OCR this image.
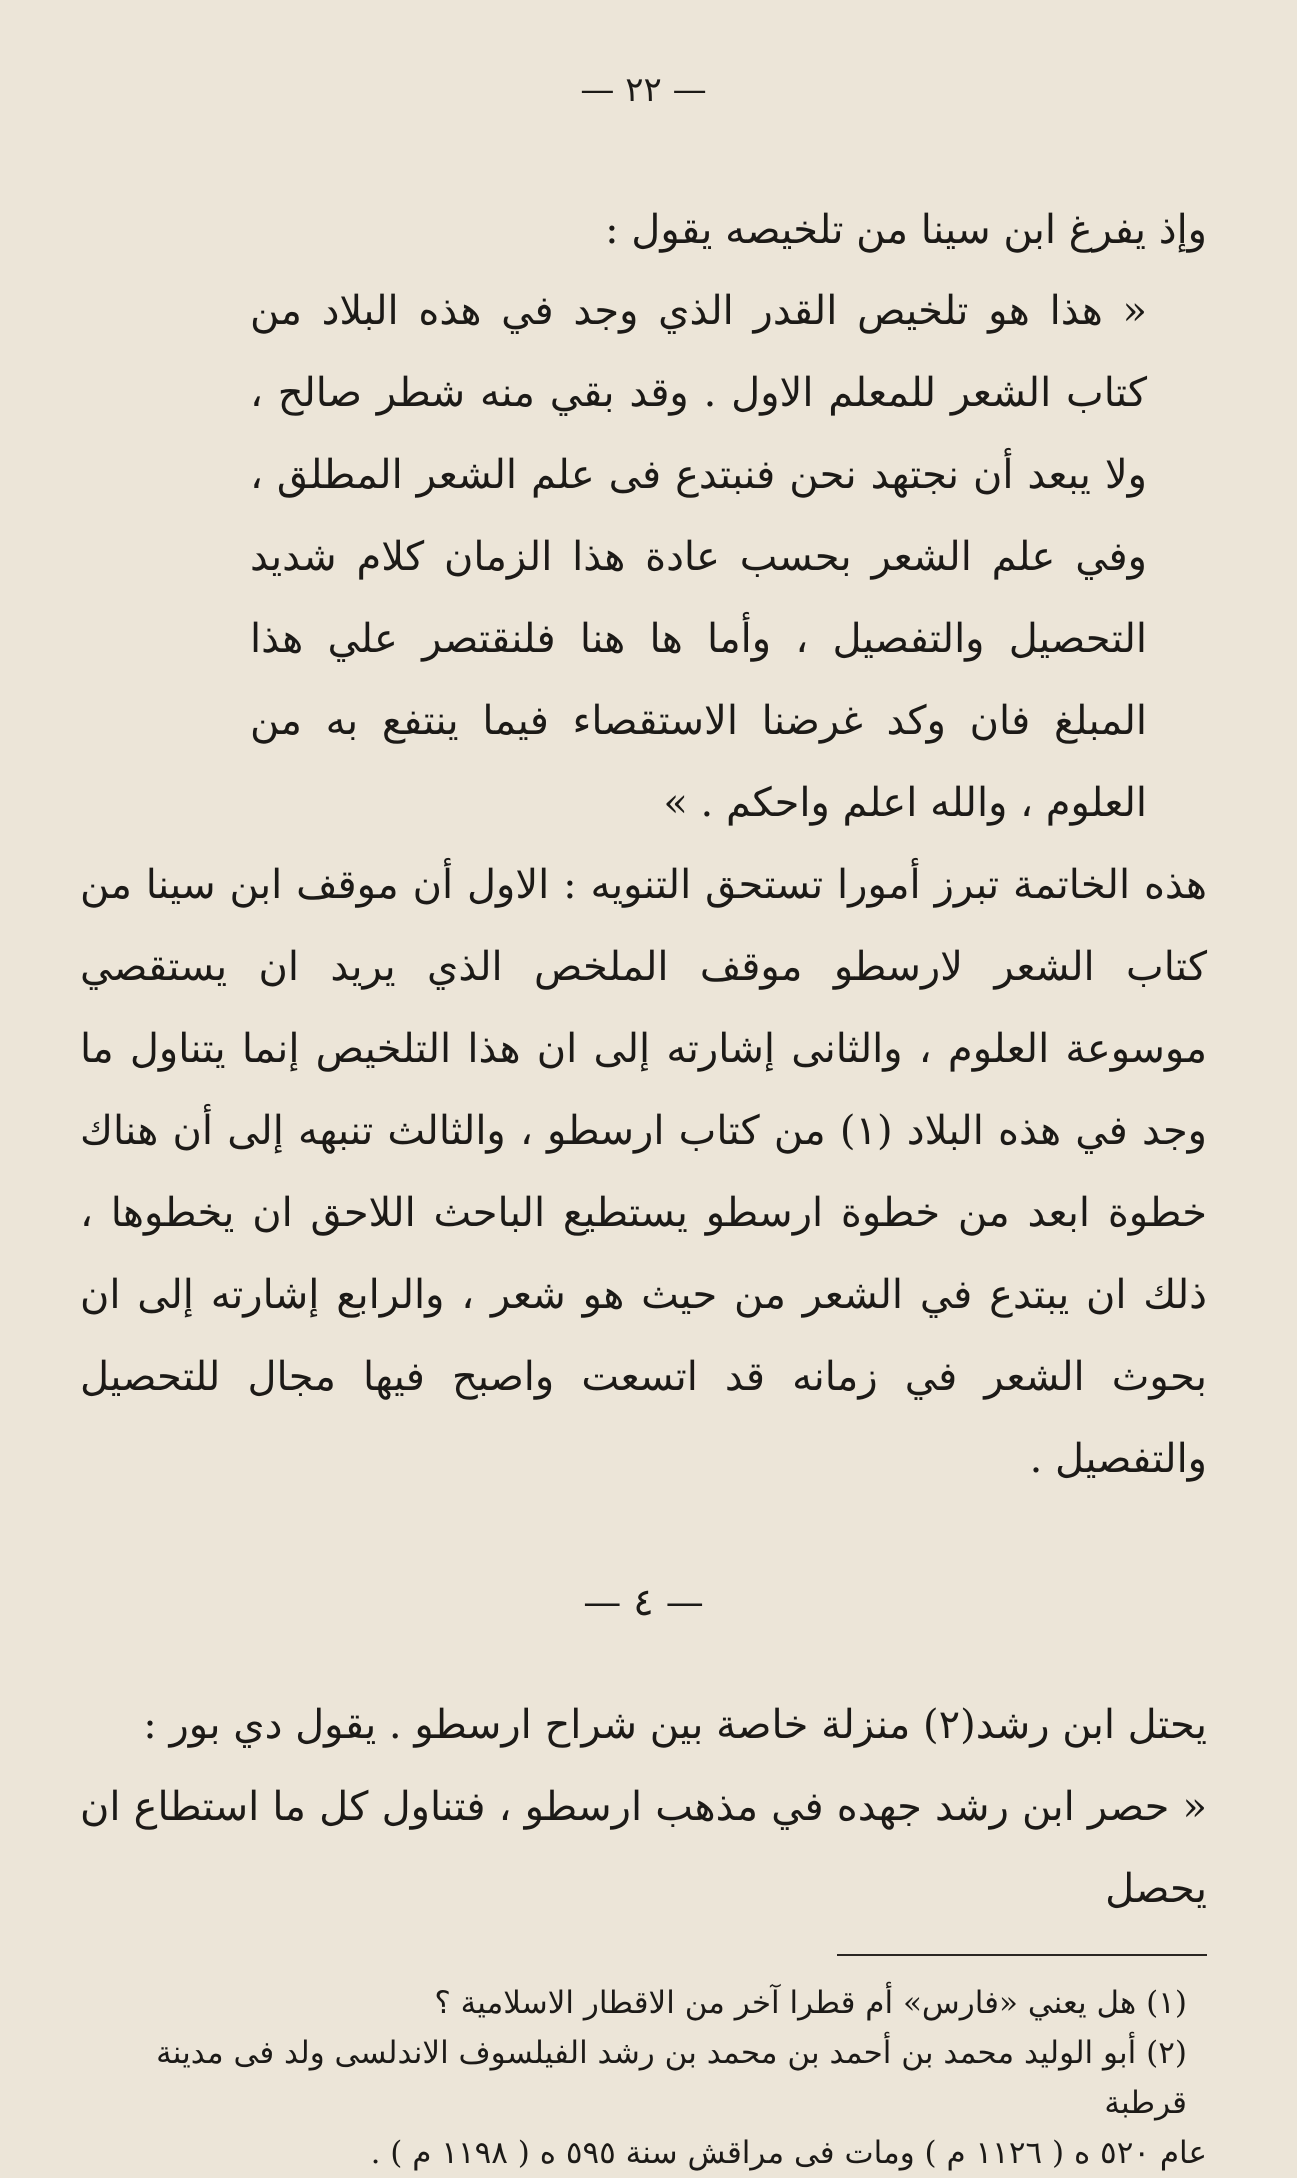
— ٢٢ —

وإذ يفرغ ابن سينا من تلخيصه يقول :

« هذا هو تلخيص القدر الذي وجد في هذه البلاد من كتاب الشعر للمعلم الاول . وقد بقي منه شطر صالح ، ولا يبعد أن نجتهد نحن فنبتدع فى علم الشعر المطلق ، وفي علم الشعر بحسب عادة هذا الزمان كلام شديد التحصيل والتفصيل ، وأما ها هنا فلنقتصر علي هذا المبلغ فان وكد غرضنا الاستقصاء فيما ينتفع به من العلوم ، والله اعلم واحكم . »

هذه الخاتمة تبرز أمورا تستحق التنويه : الاول أن موقف ابن سينا من كتاب الشعر لارسطو موقف الملخص الذي يريد ان يستقصي موسوعة العلوم ، والثانى إشارته إلى ان هذا التلخيص إنما يتناول ما وجد في هذه البلاد (١) من كتاب ارسطو ، والثالث تنبهه إلى أن هناك خطوة ابعد من خطوة ارسطو يستطيع الباحث اللاحق ان يخطوها ، ذلك ان يبتدع في الشعر من حيث هو شعر ، والرابع إشارته إلى ان بحوث الشعر في زمانه قد اتسعت واصبح فيها مجال للتحصيل والتفصيل .

— ٤ —

يحتل ابن رشد(٢) منزلة خاصة بين شراح ارسطو . يقول دي بور :

« حصر ابن رشد جهده في مذهب ارسطو ، فتناول كل ما استطاع ان يحصل

(١) هل يعني «فارس» أم قطرا آخر من الاقطار الاسلامية ؟

(٢) أبو الوليد محمد بن أحمد بن محمد بن رشد الفيلسوف الاندلسى ولد فى مدينة قرطبة

عام ٥٢٠ ه ( ١١٢٦ م ) ومات فى مراقش سنة ٥٩٥ ه ( ١١٩٨ م ) .
